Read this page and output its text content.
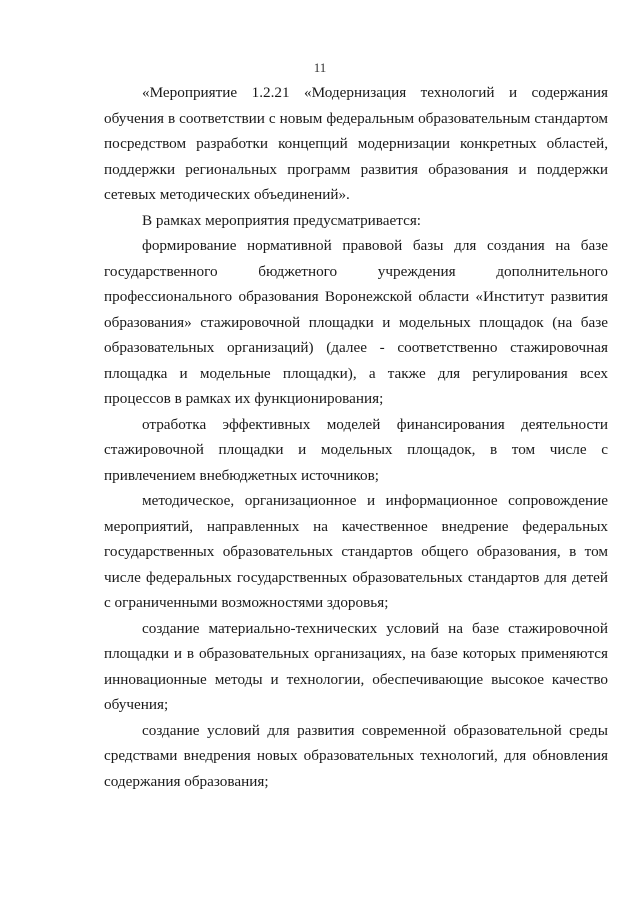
11

«Мероприятие 1.2.21 «Модернизация технологий и содержания обучения в соответствии с новым федеральным образовательным стандартом посредством разработки концепций модернизации конкретных областей, поддержки региональных программ развития образования и поддержки сетевых методических объединений».

В рамках мероприятия предусматривается:

формирование нормативной правовой базы для создания на базе государственного бюджетного учреждения дополнительного профессионального образования Воронежской области «Институт развития образования» стажировочной площадки и модельных площадок (на базе образовательных организаций) (далее - соответственно стажировочная площадка и модельные площадки), а также для регулирования всех процессов в рамках их функционирования;

отработка эффективных моделей финансирования деятельности стажировочной площадки и модельных площадок, в том числе с привлечением внебюджетных источников;

методическое, организационное и информационное сопровождение мероприятий, направленных на качественное внедрение федеральных государственных образовательных стандартов общего образования, в том числе федеральных государственных образовательных стандартов для детей с ограниченными возможностями здоровья;

создание материально-технических условий на базе стажировочной площадки и в образовательных организациях, на базе которых применяются инновационные методы и технологии, обеспечивающие высокое качество обучения;

создание условий для развития современной образовательной среды средствами внедрения новых образовательных технологий, для обновления содержания образования;
